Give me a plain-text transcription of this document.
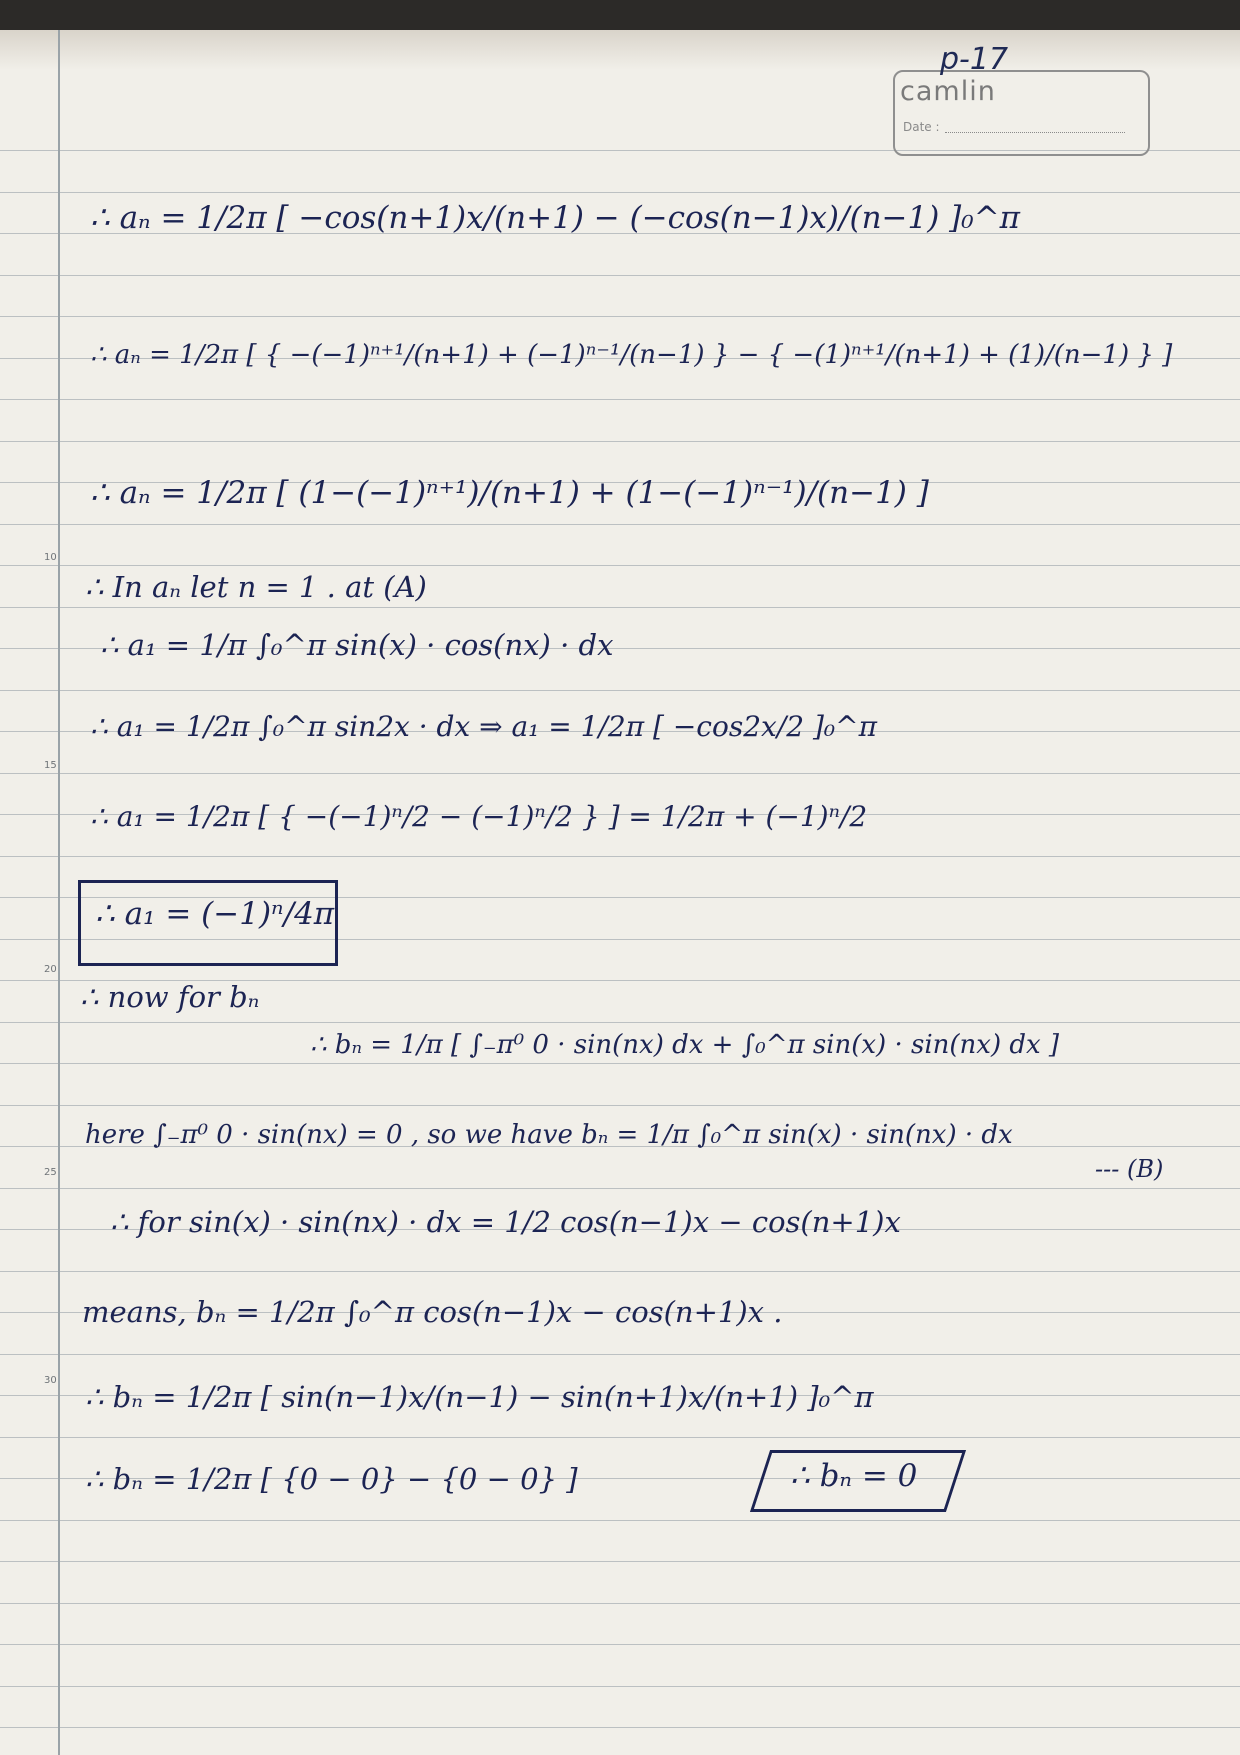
10
15
20
25
30
camlin
Date :
p-17
∴ aₙ = 1/2π [ −cos(n+1)x/(n+1) − (−cos(n−1)x)/(n−1) ]₀^π
∴ aₙ = 1/2π [ { −(−1)ⁿ⁺¹/(n+1) + (−1)ⁿ⁻¹/(n−1) } − { −(1)ⁿ⁺¹/(n+1) + (1)/(n−1) } ]
∴ aₙ = 1/2π [ (1−(−1)ⁿ⁺¹)/(n+1) + (1−(−1)ⁿ⁻¹)/(n−1) ]
∴ In aₙ let n = 1 . at (A)
∴ a₁ = 1/π ∫₀^π sin(x) · cos(nx) · dx
∴ a₁ = 1/2π ∫₀^π sin2x · dx ⇒ a₁ = 1/2π [ −cos2x/2 ]₀^π
∴ a₁ = 1/2π [ { −(−1)ⁿ/2 − (−1)ⁿ/2 } ] = 1/2π + (−1)ⁿ/2
∴ a₁ = (−1)ⁿ/4π
∴ now for bₙ
∴ bₙ = 1/π [ ∫₋π⁰ 0 · sin(nx) dx + ∫₀^π sin(x) · sin(nx) dx ]
here ∫₋π⁰ 0 · sin(nx) = 0 , so we have bₙ = 1/π ∫₀^π sin(x) · sin(nx) · dx
--- (B)
∴ for sin(x) · sin(nx) · dx = 1/2 cos(n−1)x − cos(n+1)x
means, bₙ = 1/2π ∫₀^π cos(n−1)x − cos(n+1)x .
∴ bₙ = 1/2π [ sin(n−1)x/(n−1) − sin(n+1)x/(n+1) ]₀^π
∴ bₙ = 1/2π [ {0 − 0} − {0 − 0} ]	∴ bₙ = 0
